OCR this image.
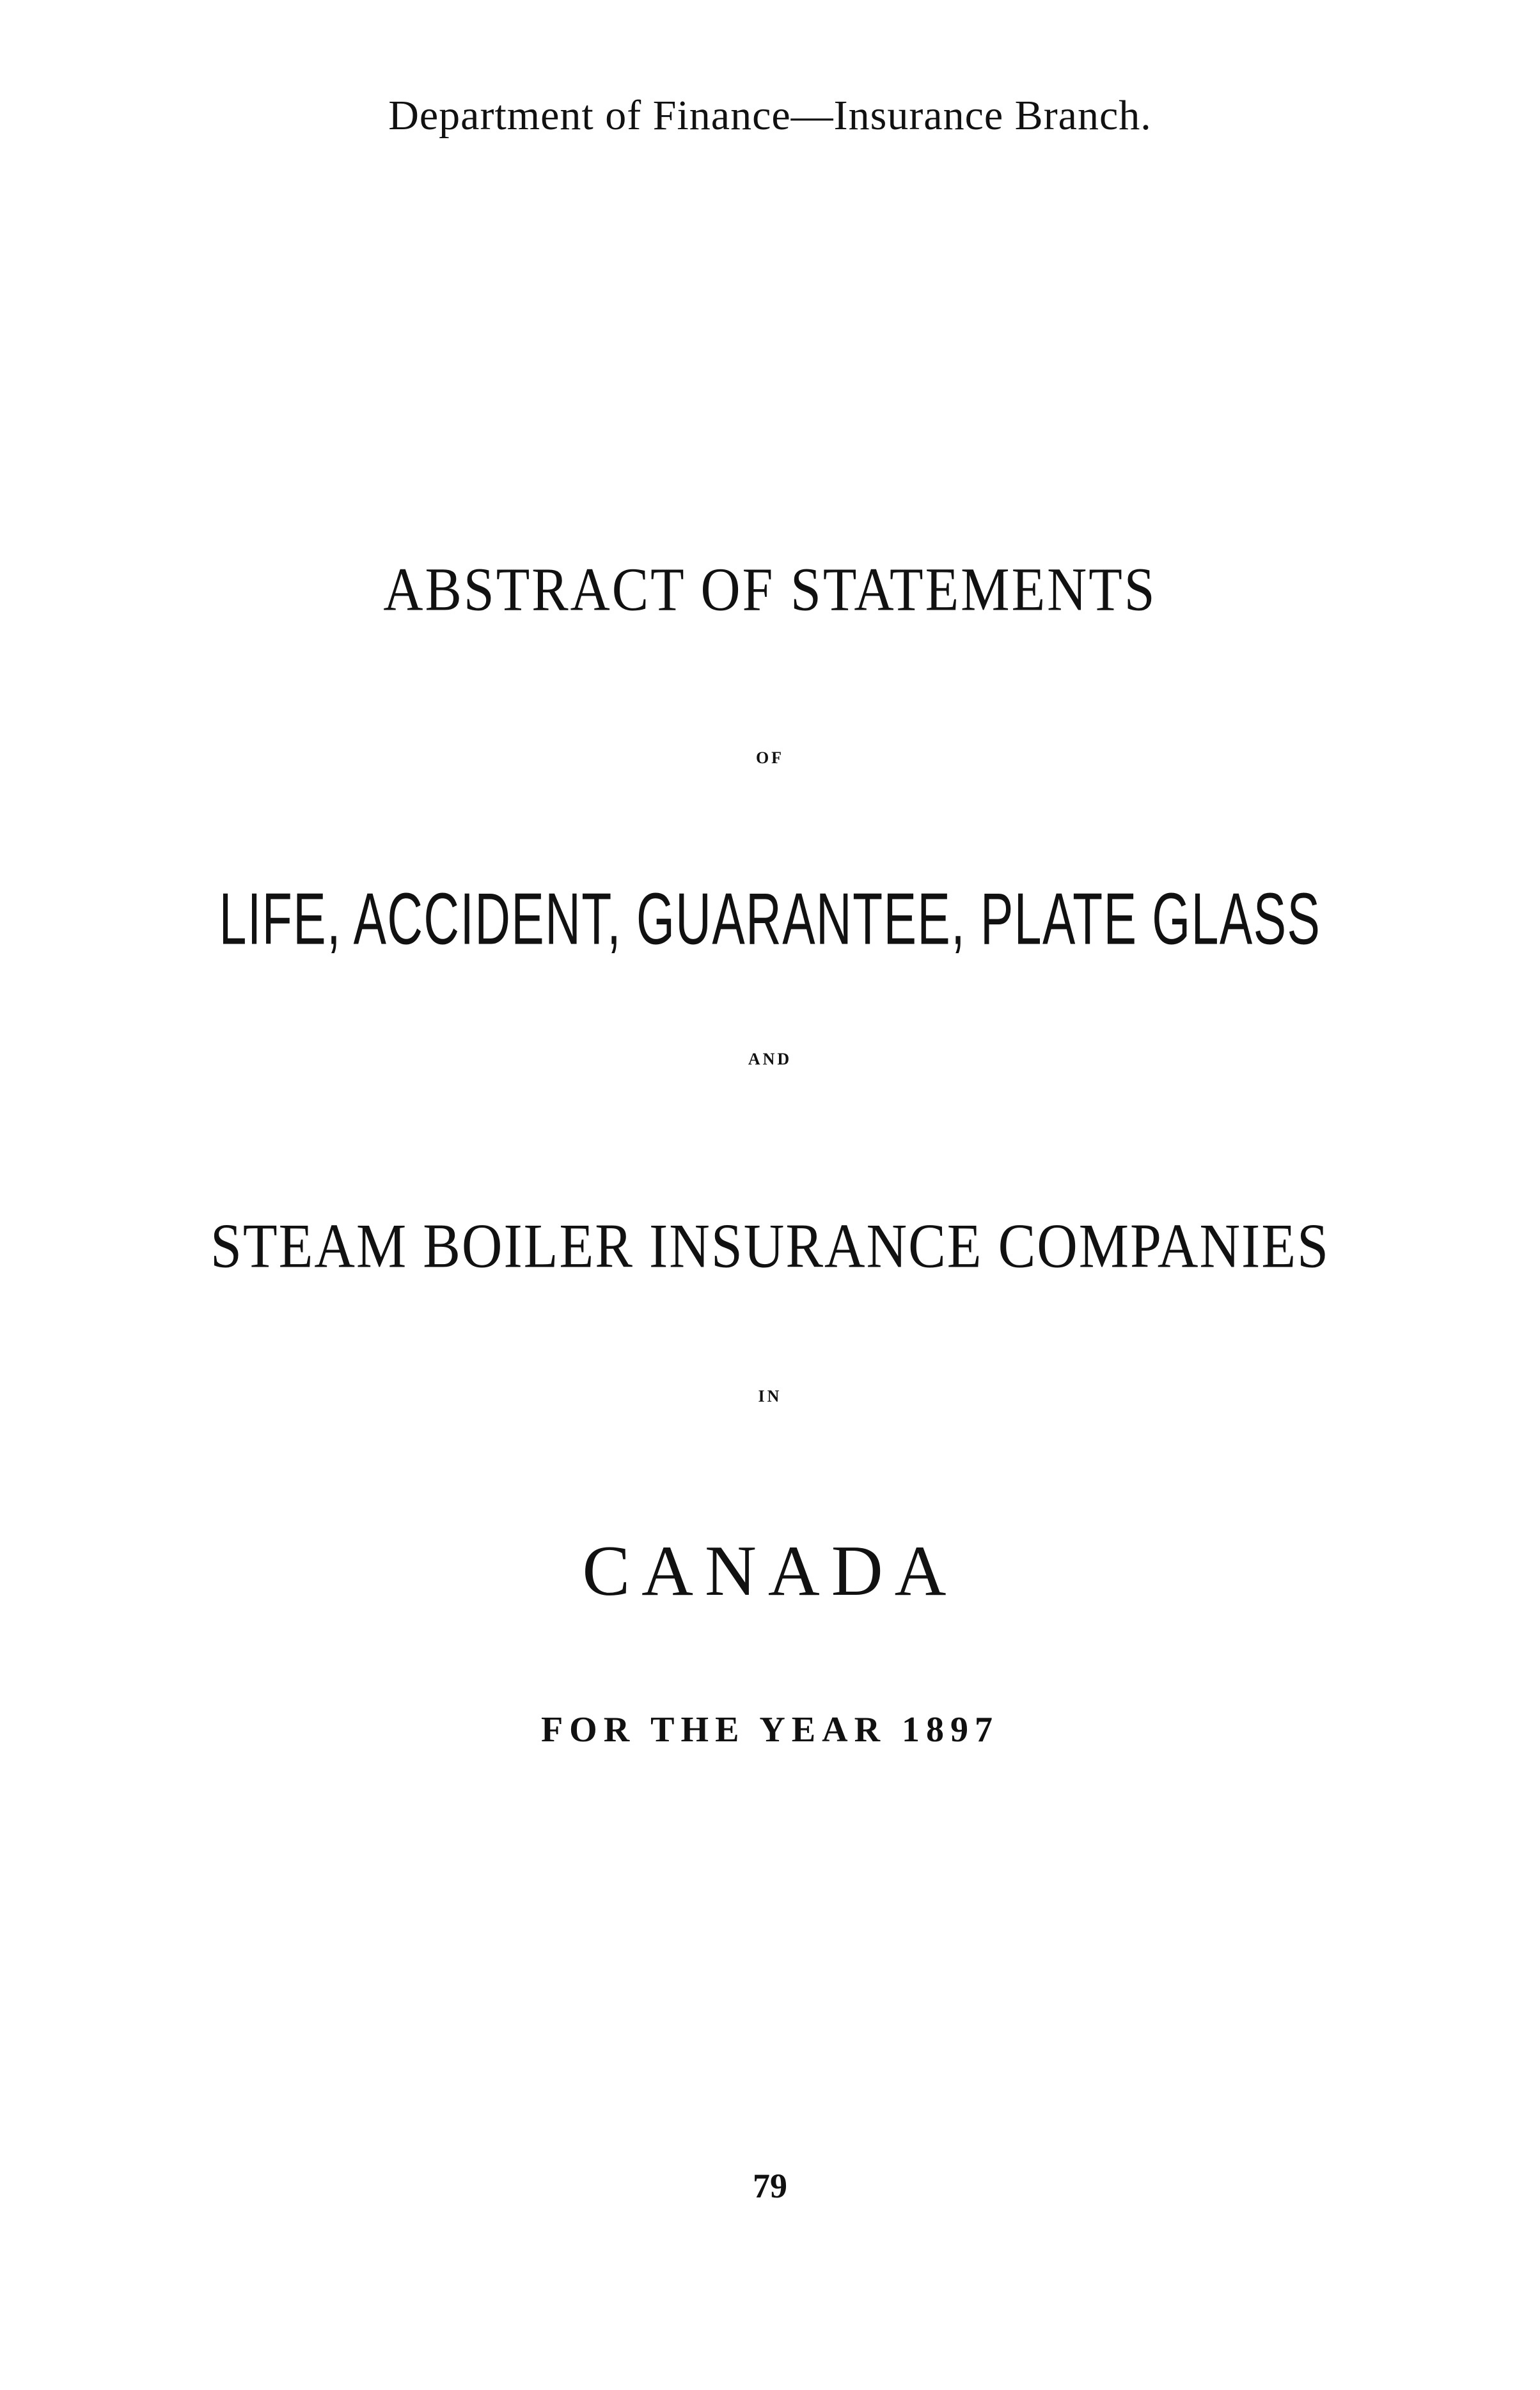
Department of Finance—Insurance Branch.
ABSTRACT OF STATEMENTS
OF
LIFE, ACCIDENT, GUARANTEE, PLATE GLASS
AND
STEAM BOILER INSURANCE COMPANIES
IN
CANADA
FOR THE YEAR 1897
79
